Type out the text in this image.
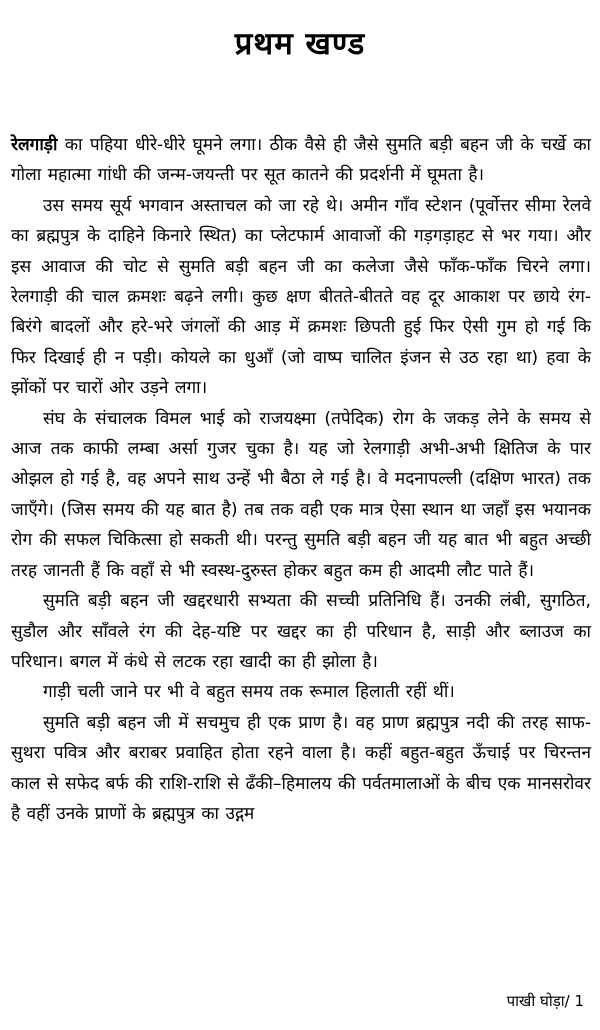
प्रथम खण्ड

रेलगाड़ी का पहिया धीरे-धीरे घूमने लगा। ठीक वैसे ही जैसे सुमति बड़ी बहन जी के चर्खे का गोला महात्मा गांधी की जन्म-जयन्ती पर सूत कातने की प्रदर्शनी में घूमता है।

उस समय सूर्य भगवान अस्ताचल को जा रहे थे। अमीन गाँव स्टेशन (पूर्वोत्तर सीमा रेलवे का ब्रह्मपुत्र के दाहिने किनारे स्थित) का प्लेटफार्म आवाजों की गड़गड़ाहट से भर गया। और इस आवाज की चोट से सुमति बड़ी बहन जी का कलेजा जैसे फाँक-फाँक चिरने लगा। रेलगाड़ी की चाल क्रमशः बढ़ने लगी। कुछ क्षण बीतते-बीतते वह दूर आकाश पर छाये रंग-बिरंगे बादलों और हरे-भरे जंगलों की आड़ में क्रमशः छिपती हुई फिर ऐसी गुम हो गई कि फिर दिखाई ही न पड़ी। कोयले का धुआँ (जो वाष्प चालित इंजन से उठ रहा था) हवा के झोंकों पर चारों ओर उड़ने लगा।

संघ के संचालक विमल भाई को राजयक्ष्मा (तपेदिक) रोग के जकड़ लेने के समय से आज तक काफी लम्बा अर्सा गुजर चुका है। यह जो रेलगाड़ी अभी-अभी क्षितिज के पार ओझल हो गई है, वह अपने साथ उन्हें भी बैठा ले गई है। वे मदनापल्ली (दक्षिण भारत) तक जाएँगे। (जिस समय की यह बात है) तब तक वही एक मात्र ऐसा स्थान था जहाँ इस भयानक रोग की सफल चिकित्सा हो सकती थी। परन्तु सुमति बड़ी बहन जी यह बात भी बहुत अच्छी तरह जानती हैं कि वहाँ से भी स्वस्थ-दुरुस्त होकर बहुत कम ही आदमी लौट पाते हैं।

सुमति बड़ी बहन जी खद्दरधारी सभ्यता की सच्ची प्रतिनिधि हैं। उनकी लंबी, सुगठित, सुडौल और साँवले रंग की देह-यष्टि पर खद्दर का ही परिधान है, साड़ी और ब्लाउज का परिधान। बगल में कंधे से लटक रहा खादी का ही झोला है।

गाड़ी चली जाने पर भी वे बहुत समय तक रूमाल हिलाती रहीं थीं।

सुमति बड़ी बहन जी में सचमुच ही एक प्राण है। वह प्राण ब्रह्मपुत्र नदी की तरह साफ-सुथरा पवित्र और बराबर प्रवाहित होता रहने वाला है। कहीं बहुत-बहुत ऊँचाई पर चिरन्तन काल से सफेद बर्फ की राशि-राशि से ढँकी–हिमालय की पर्वतमालाओं के बीच एक मानसरोवर है वहीं उनके प्राणों के ब्रह्मपुत्र का उद्गम

पाखी घोड़ा/ 1
